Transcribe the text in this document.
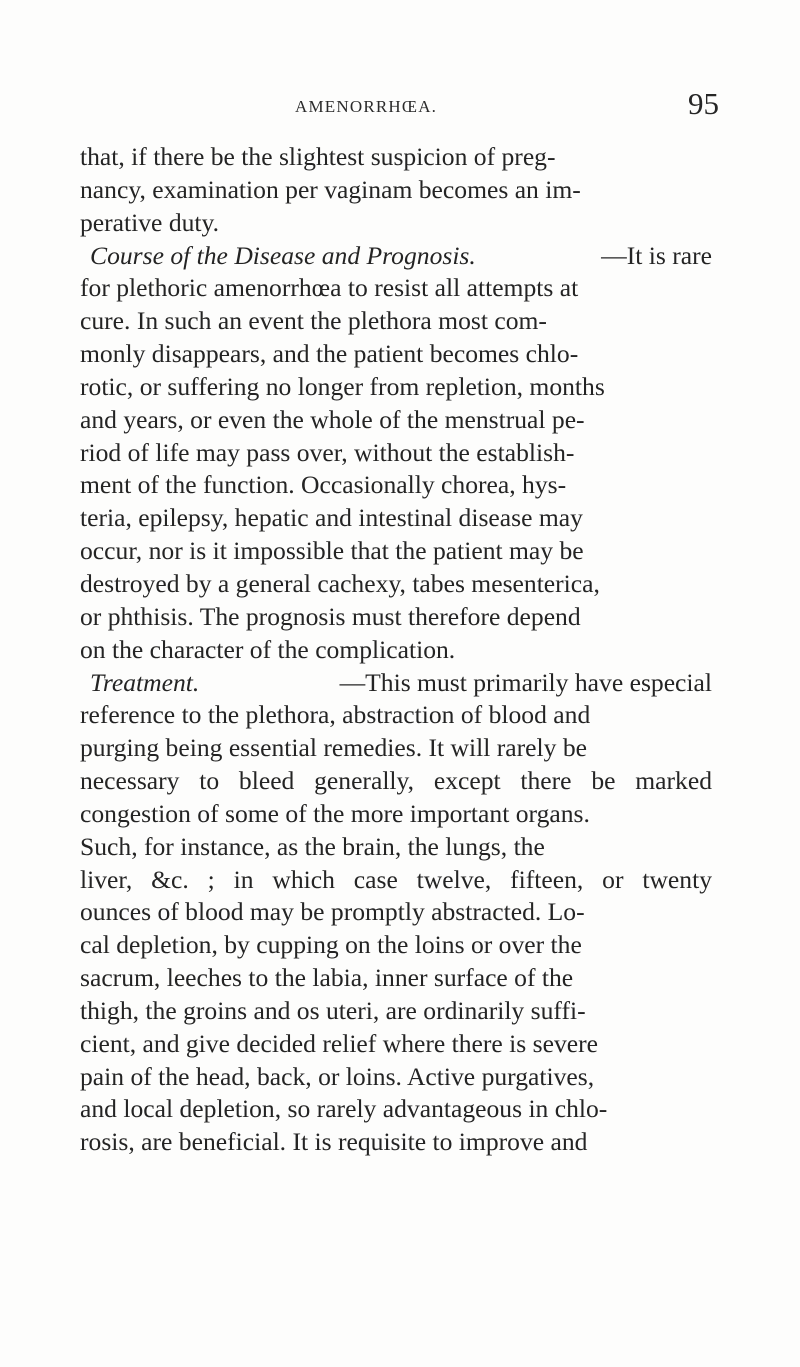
AMENORRHŒA.	95
that, if there be the slightest suspicion of preg-
nancy, examination per vaginam becomes an im-
perative duty.
Course of the Disease and Prognosis.	—It is rare
for plethoric amenorrhœa to resist all attempts at
cure. In such an event the plethora most com-
monly disappears, and the patient becomes chlo-
rotic, or suffering no longer from repletion, months
and years, or even the whole of the menstrual pe-
riod of life may pass over, without the establish-
ment of the function. Occasionally chorea, hys-
teria, epilepsy, hepatic and intestinal disease may
occur, nor is it impossible that the patient may be
destroyed by a general cachexy, tabes mesenterica,
or phthisis. The prognosis must therefore depend
on the character of the complication.
Treatment.	—This must primarily have especial
reference to the plethora, abstraction of blood and
purging being essential remedies. It will rarely be
necessary to bleed generally, except there be marked
congestion of some of the more important organs.
Such, for instance, as the brain, the lungs, the
liver, &c. ; in which case twelve, fifteen, or twenty
ounces of blood may be promptly abstracted. Lo-
cal depletion, by cupping on the loins or over the
sacrum, leeches to the labia, inner surface of the
thigh, the groins and os uteri, are ordinarily suffi-
cient, and give decided relief where there is severe
pain of the head, back, or loins. Active purgatives,
and local depletion, so rarely advantageous in chlo-
rosis, are beneficial. It is requisite to improve and
